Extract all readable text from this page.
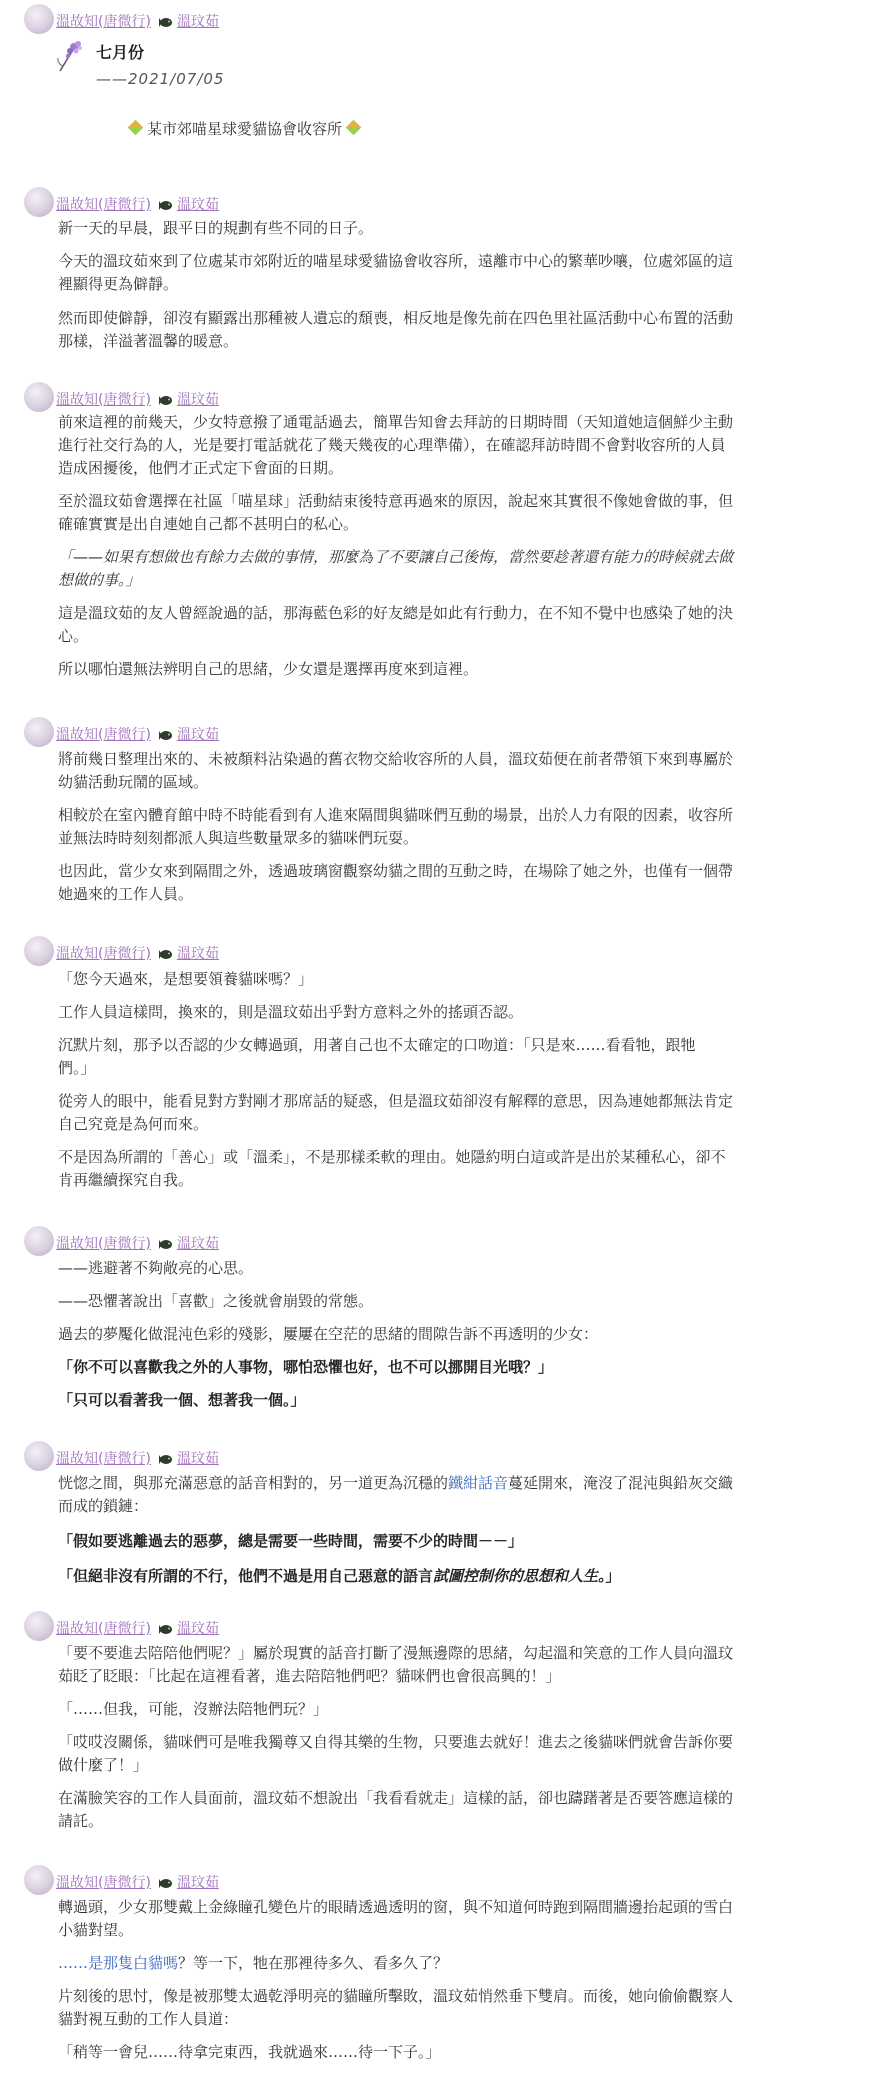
溫故知(唐微行) 溫玟茹
七月份
——2021/07/05
某市郊喵星球愛貓協會收容所
溫故知(唐微行) 溫玟茹

新一天的早晨，跟平日的規劃有些不同的日子。

今天的溫玟茹來到了位處某市郊附近的喵星球愛貓協會收容所，遠離市中心的繁華吵嚷，位處郊區的這

裡顯得更為僻靜。

然而即使僻靜，卻沒有顯露出那種被人遺忘的頹喪，相反地是像先前在四色里社區活動中心布置的活動

那樣，洋溢著溫馨的暖意。

溫故知(唐微行) 溫玟茹

前來這裡的前幾天，少女特意撥了通電話過去，簡單告知會去拜訪的日期時間（天知道她這個鮮少主動

進行社交行為的人，光是要打電話就花了幾天幾夜的心理準備），在確認拜訪時間不會對收容所的人員

造成困擾後，他們才正式定下會面的日期。

至於溫玟茹會選擇在社區「喵星球」活動結束後特意再過來的原因，說起來其實很不像她會做的事，但

確確實實是出自連她自己都不甚明白的私心。

「——如果有想做也有餘力去做的事情，那麼為了不要讓自己後悔，當然要趁著還有能力的時候就去做

想做的事。」

這是溫玟茹的友人曾經說過的話，那海藍色彩的好友總是如此有行動力，在不知不覺中也感染了她的決

心。

所以哪怕還無法辨明自己的思緒，少女還是選擇再度來到這裡。

溫故知(唐微行) 溫玟茹

將前幾日整理出來的、未被顏料沾染過的舊衣物交給收容所的人員，溫玟茹便在前者帶領下來到專屬於

幼貓活動玩鬧的區域。

相較於在室內體育館中時不時能看到有人進來隔間與貓咪們互動的場景，出於人力有限的因素，收容所

並無法時時刻刻都派人與這些數量眾多的貓咪們玩耍。

也因此，當少女來到隔間之外，透過玻璃窗觀察幼貓之間的互動之時，在場除了她之外，也僅有一個帶

她過來的工作人員。

溫故知(唐微行) 溫玟茹

「您今天過來，是想要領養貓咪嗎？」

工作人員這樣問，換來的，則是溫玟茹出乎對方意料之外的搖頭否認。

沉默片刻，那予以否認的少女轉過頭，用著自己也不太確定的口吻道：「只是來……看看牠，跟牠

們。」

從旁人的眼中，能看見對方對剛才那席話的疑惑，但是溫玟茹卻沒有解釋的意思，因為連她都無法肯定

自己究竟是為何而來。

不是因為所謂的「善心」或「溫柔」，不是那樣柔軟的理由。她隱約明白這或許是出於某種私心，卻不

肯再繼續探究自我。

溫故知(唐微行) 溫玟茹

——逃避著不夠敞亮的心思。

——恐懼著說出「喜歡」之後就會崩毀的常態。

過去的夢魘化做混沌色彩的殘影，屢屢在空茫的思緒的間隙告訴不再透明的少女：

「你不可以喜歡我之外的人事物，哪怕恐懼也好，也不可以挪開目光哦？」

「只可以看著我一個、想著我一個。」

溫故知(唐微行) 溫玟茹

恍惚之間，與那充滿惡意的話音相對的，另一道更為沉穩的鐵紺話音蔓延開來，淹沒了混沌與鉛灰交織

而成的鎖鏈：

「假如要逃離過去的惡夢，總是需要一些時間，需要不少的時間－－」

「但絕非沒有所謂的不行，他們不過是用自己惡意的語言試圖控制你的思想和人生。」

溫故知(唐微行) 溫玟茹

「要不要進去陪陪他們呢？」屬於現實的話音打斷了漫無邊際的思緒，勾起溫和笑意的工作人員向溫玟

茹眨了眨眼：「比起在這裡看著，進去陪陪牠們吧？貓咪們也會很高興的！」

「……但我，可能，沒辦法陪牠們玩？」

「哎哎沒關係，貓咪們可是唯我獨尊又自得其樂的生物，只要進去就好！進去之後貓咪們就會告訴你要

做什麼了！」

在滿臉笑容的工作人員面前，溫玟茹不想說出「我看看就走」這樣的話，卻也躊躇著是否要答應這樣的

請託。

溫故知(唐微行) 溫玟茹

轉過頭，少女那雙戴上金綠瞳孔變色片的眼睛透過透明的窗，與不知道何時跑到隔間牆邊抬起頭的雪白

小貓對望。

……是那隻白貓嗎？等一下，牠在那裡待多久、看多久了？

片刻後的思忖，像是被那雙太過乾淨明亮的貓瞳所擊敗，溫玟茹悄然垂下雙肩。而後，她向偷偷觀察人

貓對視互動的工作人員道：

「稍等一會兒……待拿完東西，我就過來……待一下子。」
